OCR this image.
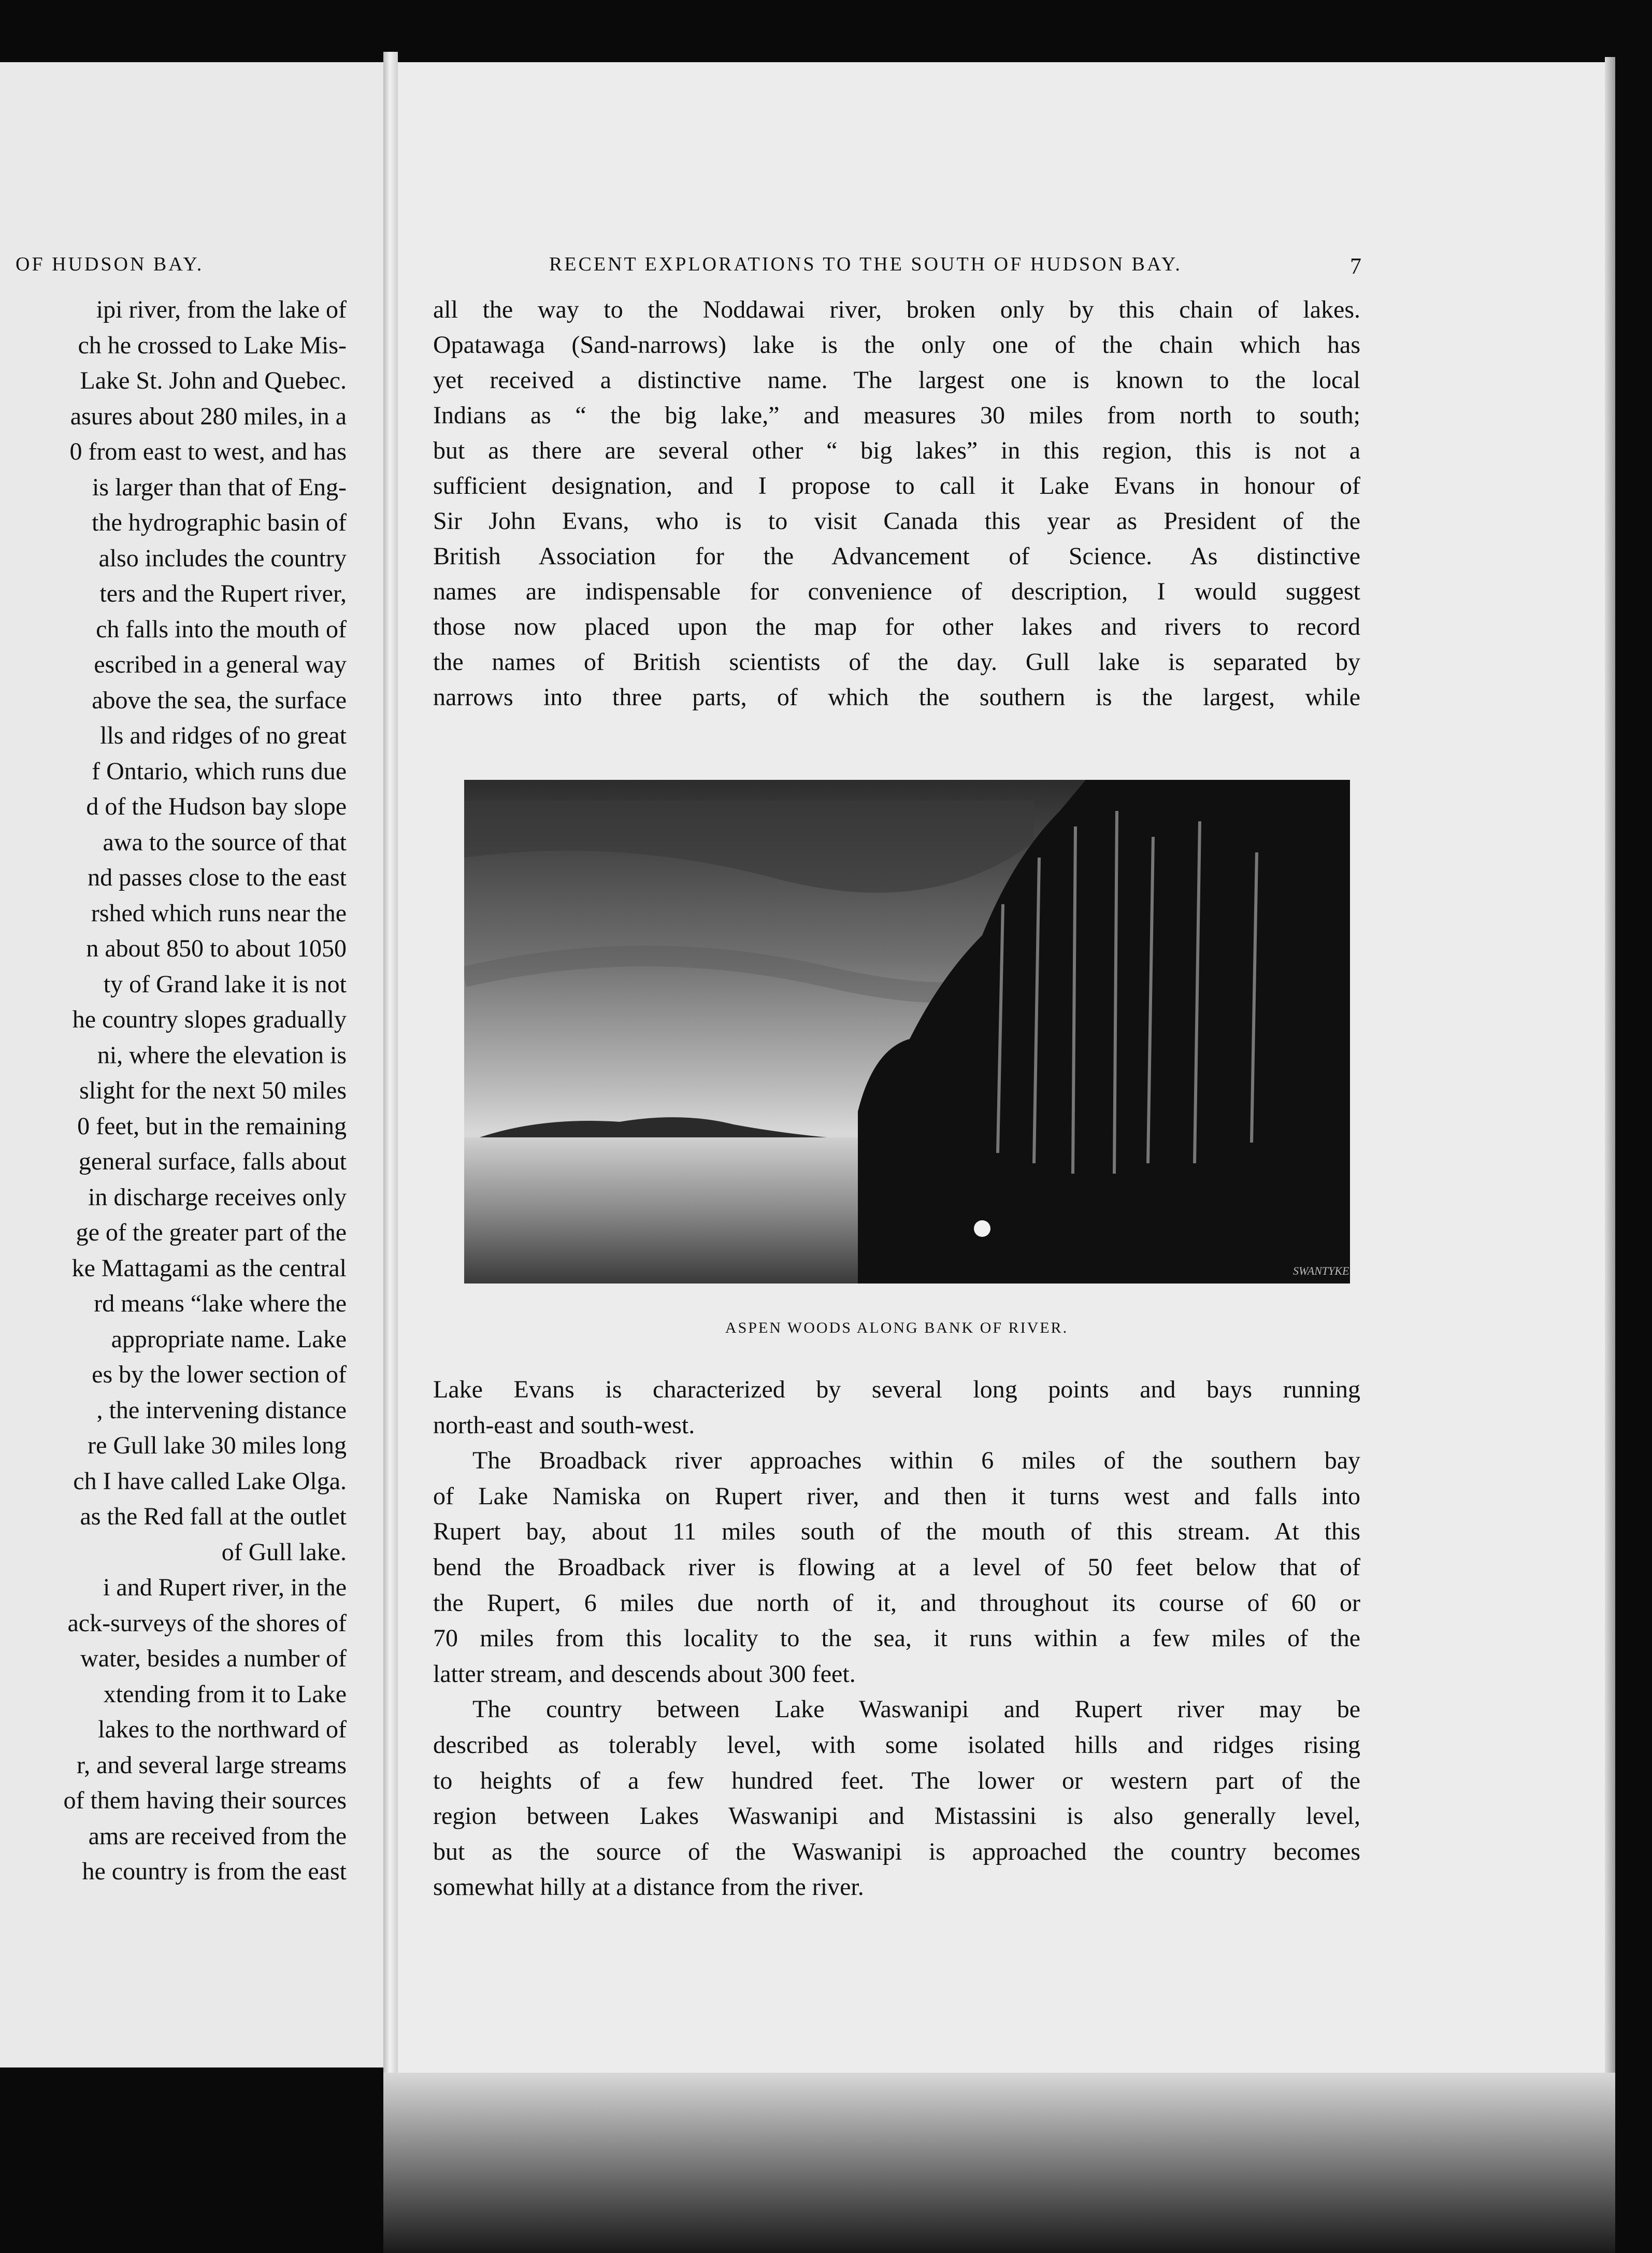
OF HUDSON BAY.	RECENT EXPLORATIONS TO THE SOUTH OF HUDSON BAY.	7
ipi river, from the lake of
ch he crossed to Lake Mis-
Lake St. John and Quebec.
asures about 280 miles, in a
0 from east to west, and has
is larger than that of Eng-
the hydrographic basin of
also includes the country
ters and the Rupert river,
ch falls into the mouth of
escribed in a general way
above the sea, the surface
lls and ridges of no great
f Ontario, which runs due
d of the Hudson bay slope
awa to the source of that
nd passes close to the east
rshed which runs near the
n about 850 to about 1050
ty of Grand lake it is not
he country slopes gradually
ni, where the elevation is
slight for the next 50 miles
0 feet, but in the remaining
general surface, falls about
in discharge receives only
ge of the greater part of the
ke Mattagami as the central
rd means “lake where the
appropriate name. Lake
es by the lower section of
, the intervening distance
re Gull lake 30 miles long
ch I have called Lake Olga.
as the Red fall at the outlet
of Gull lake.
i and Rupert river, in the
ack-surveys of the shores of
water, besides a number of
xtending from it to Lake
lakes to the northward of
r, and several large streams
of them having their sources
ams are received from the
he country is from the east
all the way to the Noddawai river, broken only by this chain of lakes.
Opatawaga (Sand-narrows) lake is the only one of the chain which has
yet received a distinctive name. The largest one is known to the local
Indians as “ the big lake,” and measures 30 miles from north to south;
but as there are several other “ big lakes” in this region, this is not a
sufficient designation, and I propose to call it Lake Evans in honour of
Sir John Evans, who is to visit Canada this year as President of the
British Association for the Advancement of Science. As distinctive
names are indispensable for convenience of description, I would suggest
those now placed upon the map for other lakes and rivers to record
the names of British scientists of the day. Gull lake is separated by
narrows into three parts, of which the southern is the largest, while
SWANTYKE
ASPEN WOODS ALONG BANK OF RIVER.
Lake Evans is characterized by several long points and bays running
north-east and south-west.
The Broadback river approaches within 6 miles of the southern bay
of Lake Namiska on Rupert river, and then it turns west and falls into
Rupert bay, about 11 miles south of the mouth of this stream. At this
bend the Broadback river is flowing at a level of 50 feet below that of
the Rupert, 6 miles due north of it, and throughout its course of 60 or
70 miles from this locality to the sea, it runs within a few miles of the
latter stream, and descends about 300 feet.
The country between Lake Waswanipi and Rupert river may be
described as tolerably level, with some isolated hills and ridges rising
to heights of a few hundred feet. The lower or western part of the
region between Lakes Waswanipi and Mistassini is also generally level,
but as the source of the Waswanipi is approached the country becomes
somewhat hilly at a distance from the river.
